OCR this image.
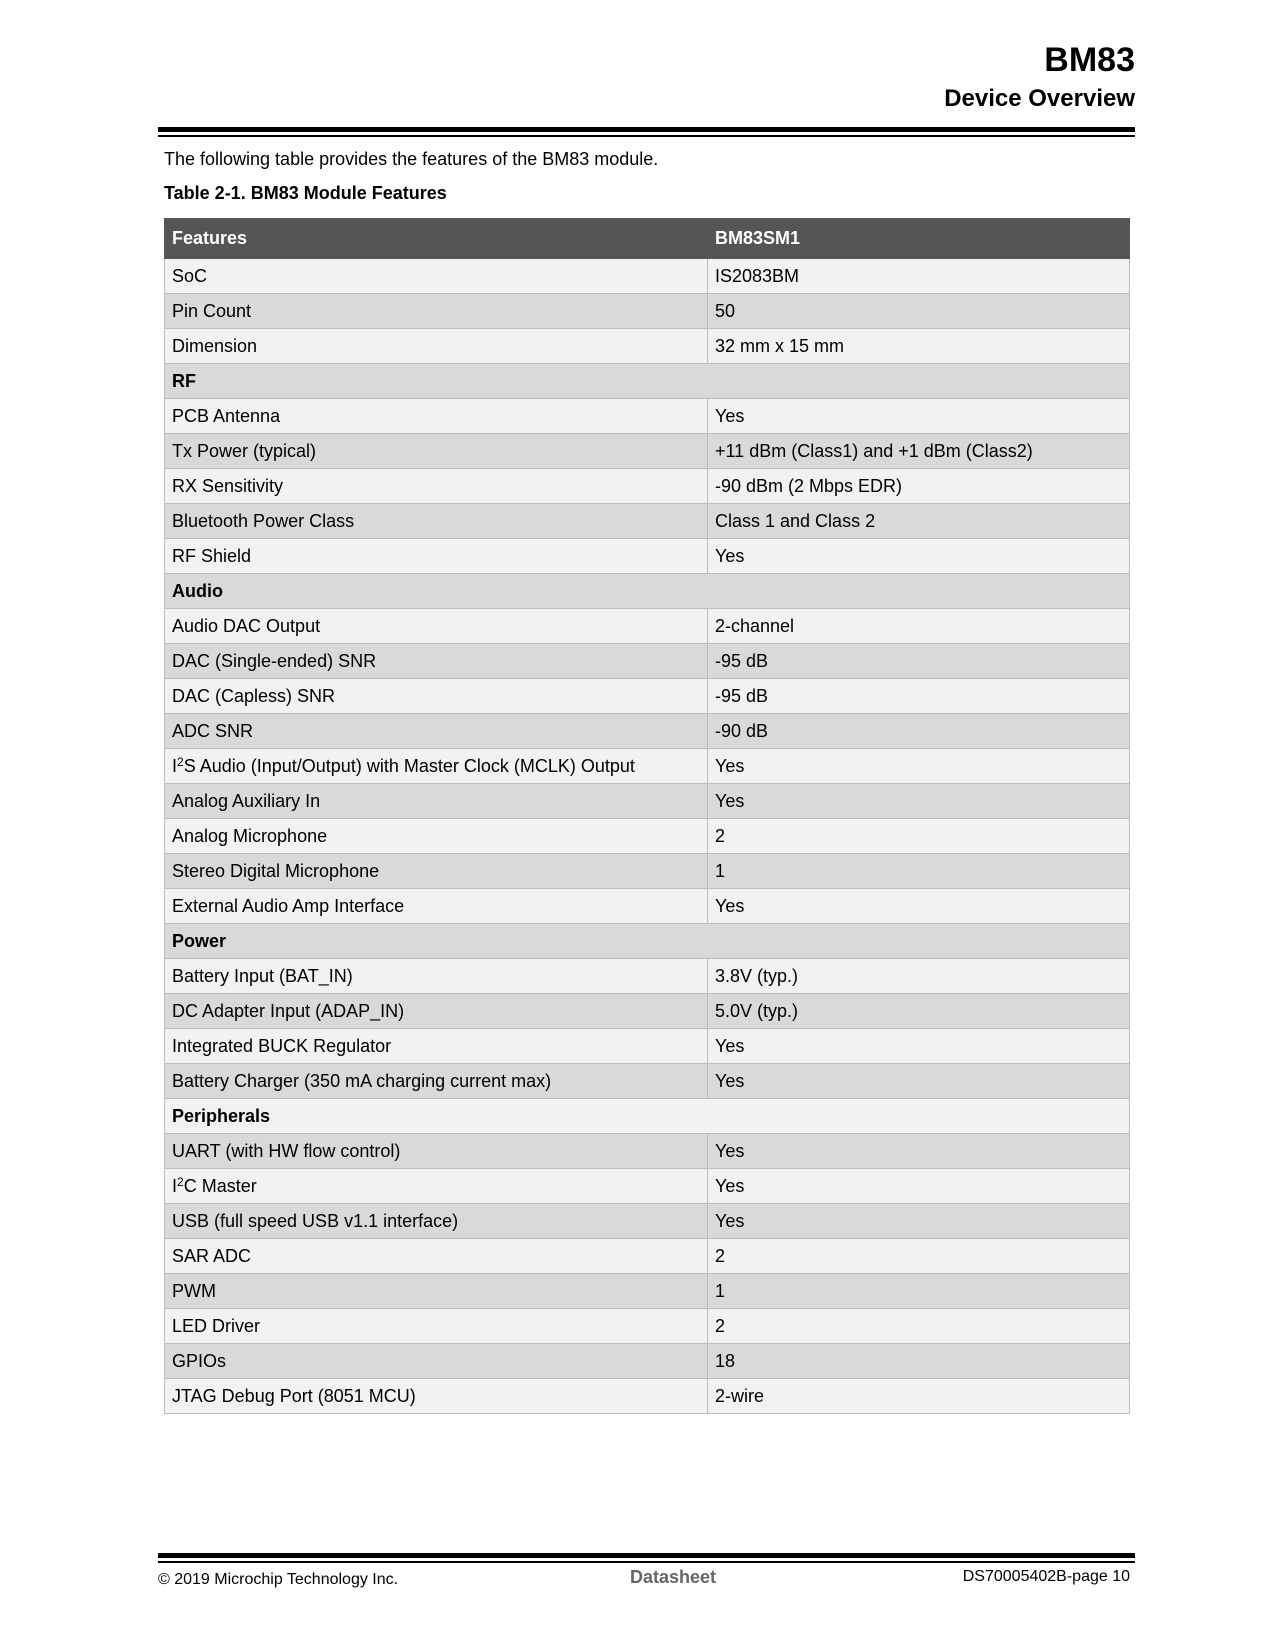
BM83
Device Overview
The following table provides the features of the BM83 module.
Table 2-1. BM83 Module Features
Features	BM83SM1
SoC	IS2083BM
Pin Count	50
Dimension	32 mm x 15 mm
RF	
PCB Antenna	Yes
Tx Power (typical)	+11 dBm (Class1) and +1 dBm (Class2)
RX Sensitivity	-90 dBm (2 Mbps EDR)
Bluetooth Power Class	Class 1 and Class 2
RF Shield	Yes
Audio	
Audio DAC Output	2-channel
DAC (Single-ended) SNR	-95 dB
DAC (Capless) SNR	-95 dB
ADC SNR	-90 dB
$I^2S$ Audio (Input/Output) with Master Clock (MCLK) Output	Yes
Analog Auxiliary In	Yes
Analog Microphone	2
Stereo Digital Microphone	1
External Audio Amp Interface	Yes
Power	
Battery Input (BAT_IN)	3.8V (typ.)
DC Adapter Input (ADAP_IN)	5.0V (typ.)
Integrated BUCK Regulator	Yes
Battery Charger (350 mA charging current max)	Yes
Peripherals	
UART (with HW flow control)	Yes
$I^2C$ Master	Yes
USB (full speed USB v1.1 interface)	Yes
SAR ADC	2
PWM	1
LED Driver	2
GPIOs	18
JTAG Debug Port (8051 MCU)	2-wire
© 2019 Microchip Technology Inc.	Datasheet	DS70005402B-page 10
